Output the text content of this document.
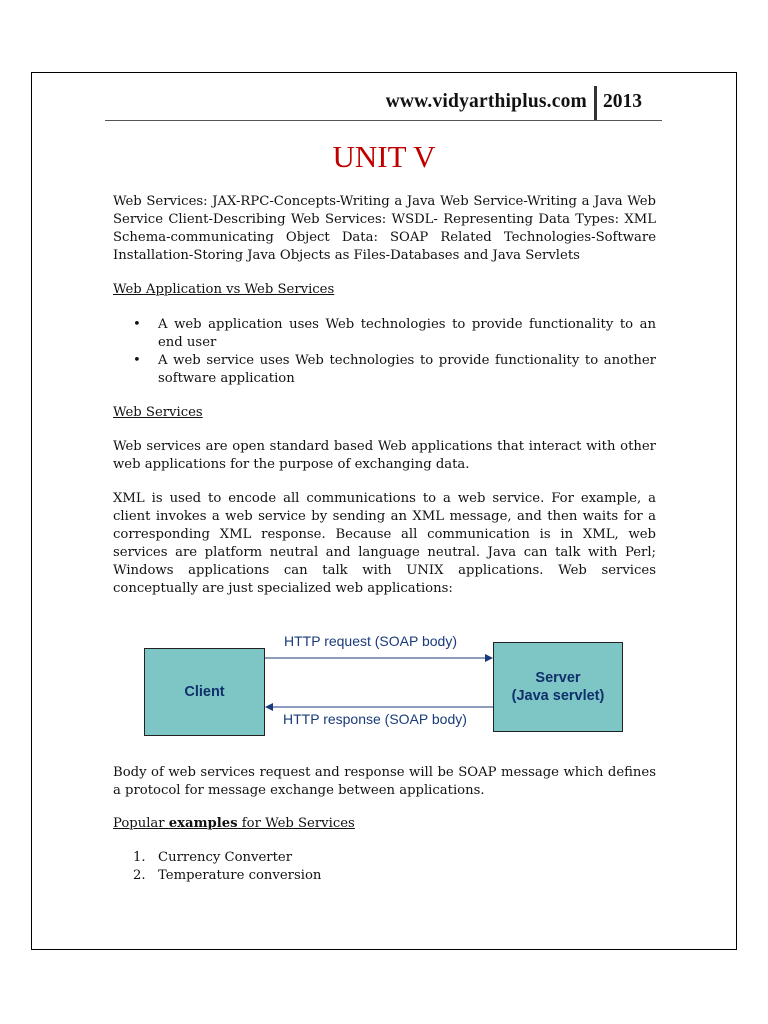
www.vidyarthiplus.com 2013
UNIT V
Web Services: JAX-RPC-Concepts-Writing a Java Web Service-Writing a Java Web Service Client-Describing Web Services: WSDL- Representing Data Types: XML Schema-communicating Object Data: SOAP Related Technologies-Software Installation-Storing Java Objects as Files-Databases and Java Servlets
Web Application vs Web Services
• A web application uses Web technologies to provide functionality to an end user
• A web service uses Web technologies to provide functionality to another software application
Web Services
Web services are open standard based Web applications that interact with other web applications for the purpose of exchanging data.
XML is used to encode all communications to a web service. For example, a client invokes a web service by sending an XML message, and then waits for a corresponding XML response. Because all communication is in XML, web services are platform neutral and language neutral. Java can talk with Perl; Windows applications can talk with UNIX applications. Web services conceptually are just specialized web applications:
HTTP request (SOAP body)
HTTP response (SOAP body)
Client
Server
(Java servlet)
Body of web services request and response will be SOAP message which defines a protocol for message exchange between applications.
Popular examples for Web Services
1. Currency Converter
2. Temperature conversion
